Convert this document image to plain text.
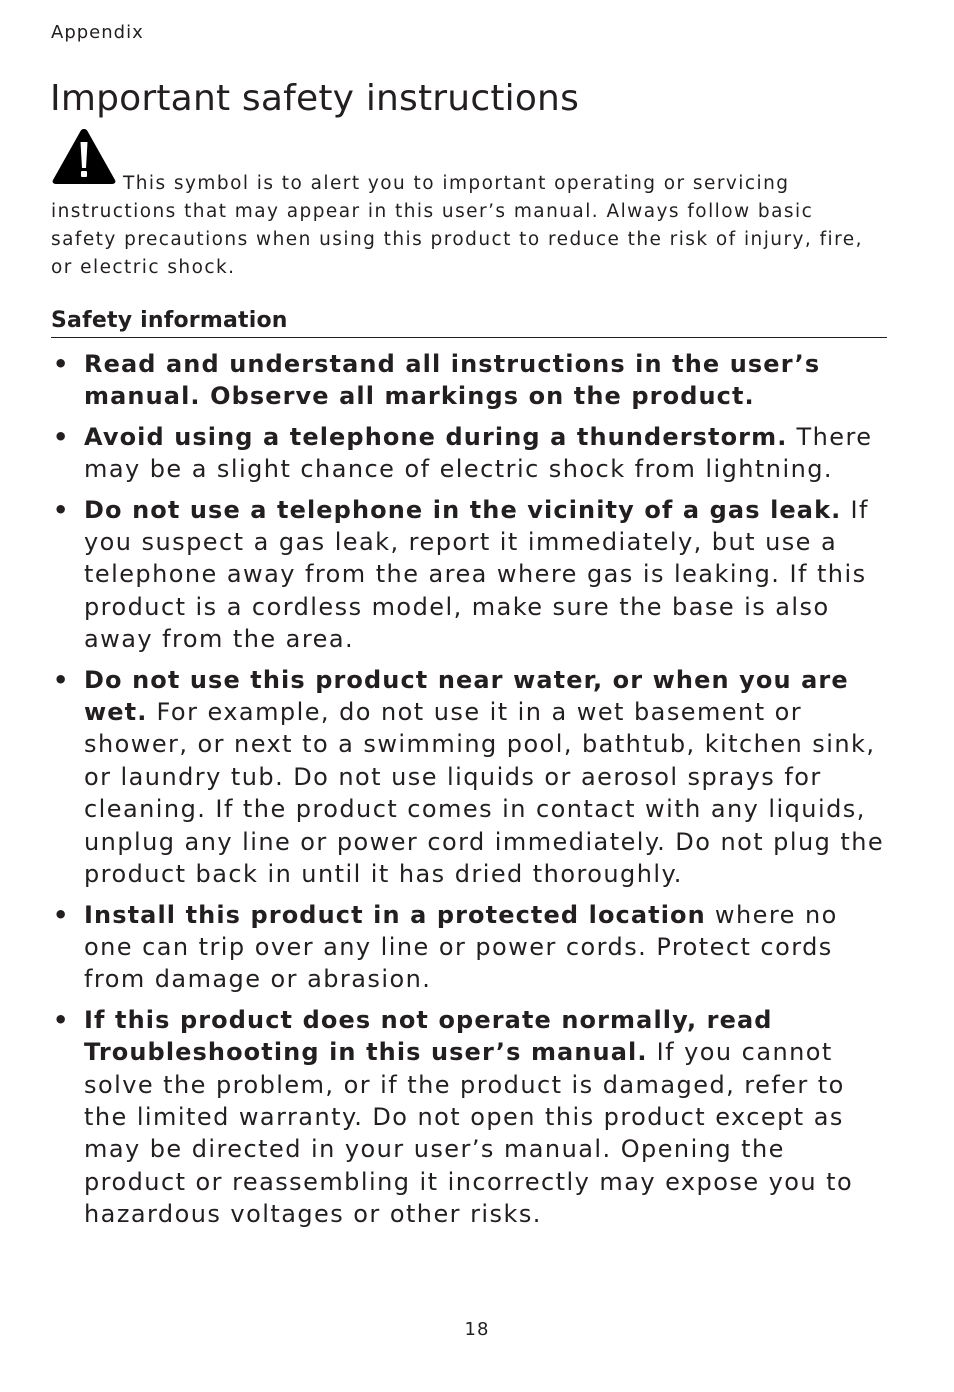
Appendix
Important safety instructions

This symbol is to alert you to important operating or servicing instructions that may appear in this user’s manual. Always follow basic safety precautions when using this product to reduce the risk of injury, fire, or electric shock.

Safety information
• Read and understand all instructions in the user’s manual. Observe all markings on the product.
• Avoid using a telephone during a thunderstorm. There may be a slight chance of electric shock from lightning.
• Do not use a telephone in the vicinity of a gas leak. If you suspect a gas leak, report it immediately, but use a telephone away from the area where gas is leaking. If this product is a cordless model, make sure the base is also away from the area.
• Do not use this product near water, or when you are wet. For example, do not use it in a wet basement or shower, or next to a swimming pool, bathtub, kitchen sink, or laundry tub. Do not use liquids or aerosol sprays for cleaning. If the product comes in contact with any liquids, unplug any line or power cord immediately. Do not plug the product back in until it has dried thoroughly.
• Install this product in a protected location where no one can trip over any line or power cords. Protect cords from damage or abrasion.
• If this product does not operate normally, read Troubleshooting in this user’s manual. If you cannot solve the problem, or if the product is damaged, refer to the limited warranty. Do not open this product except as may be directed in your user’s manual. Opening the product or reassembling it incorrectly may expose you to hazardous voltages or other risks.
18
